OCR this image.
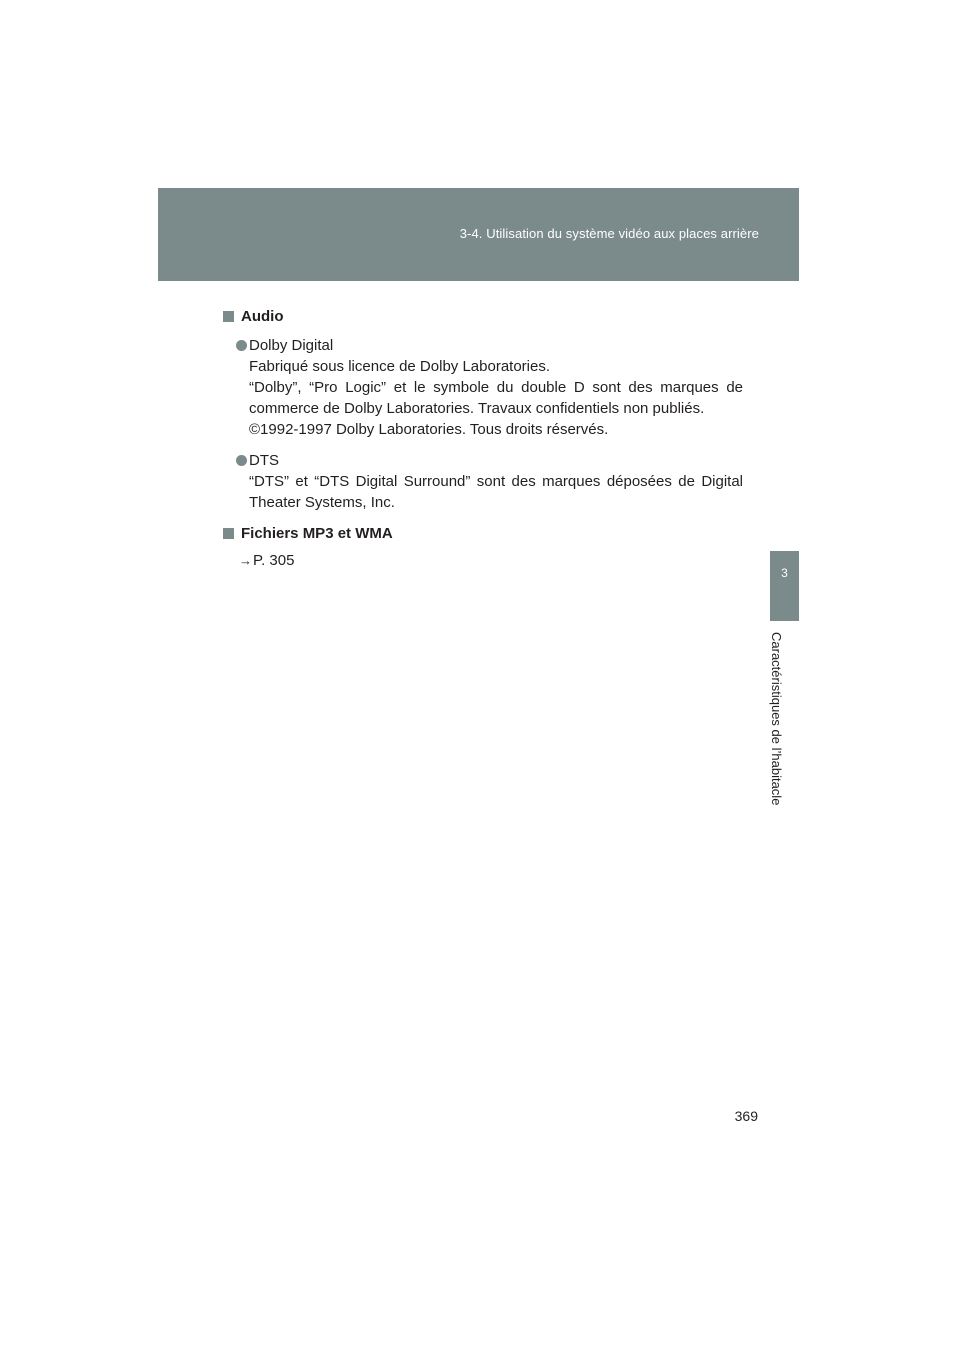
3-4. Utilisation du système vidéo aux places arrière
3
Caractéristiques de l’habitacle
Audio
Dolby Digital
Fabriqué sous licence de Dolby Laboratories.
“Dolby”, “Pro Logic” et le symbole du double D sont des marques de commerce de Dolby Laboratories. Travaux confidentiels non publiés.
©1992-1997 Dolby Laboratories. Tous droits réservés.
DTS
“DTS” et “DTS Digital Surround” sont des marques déposées de Digital Theater Systems, Inc.
Fichiers MP3 et WMA
→P. 305
369
